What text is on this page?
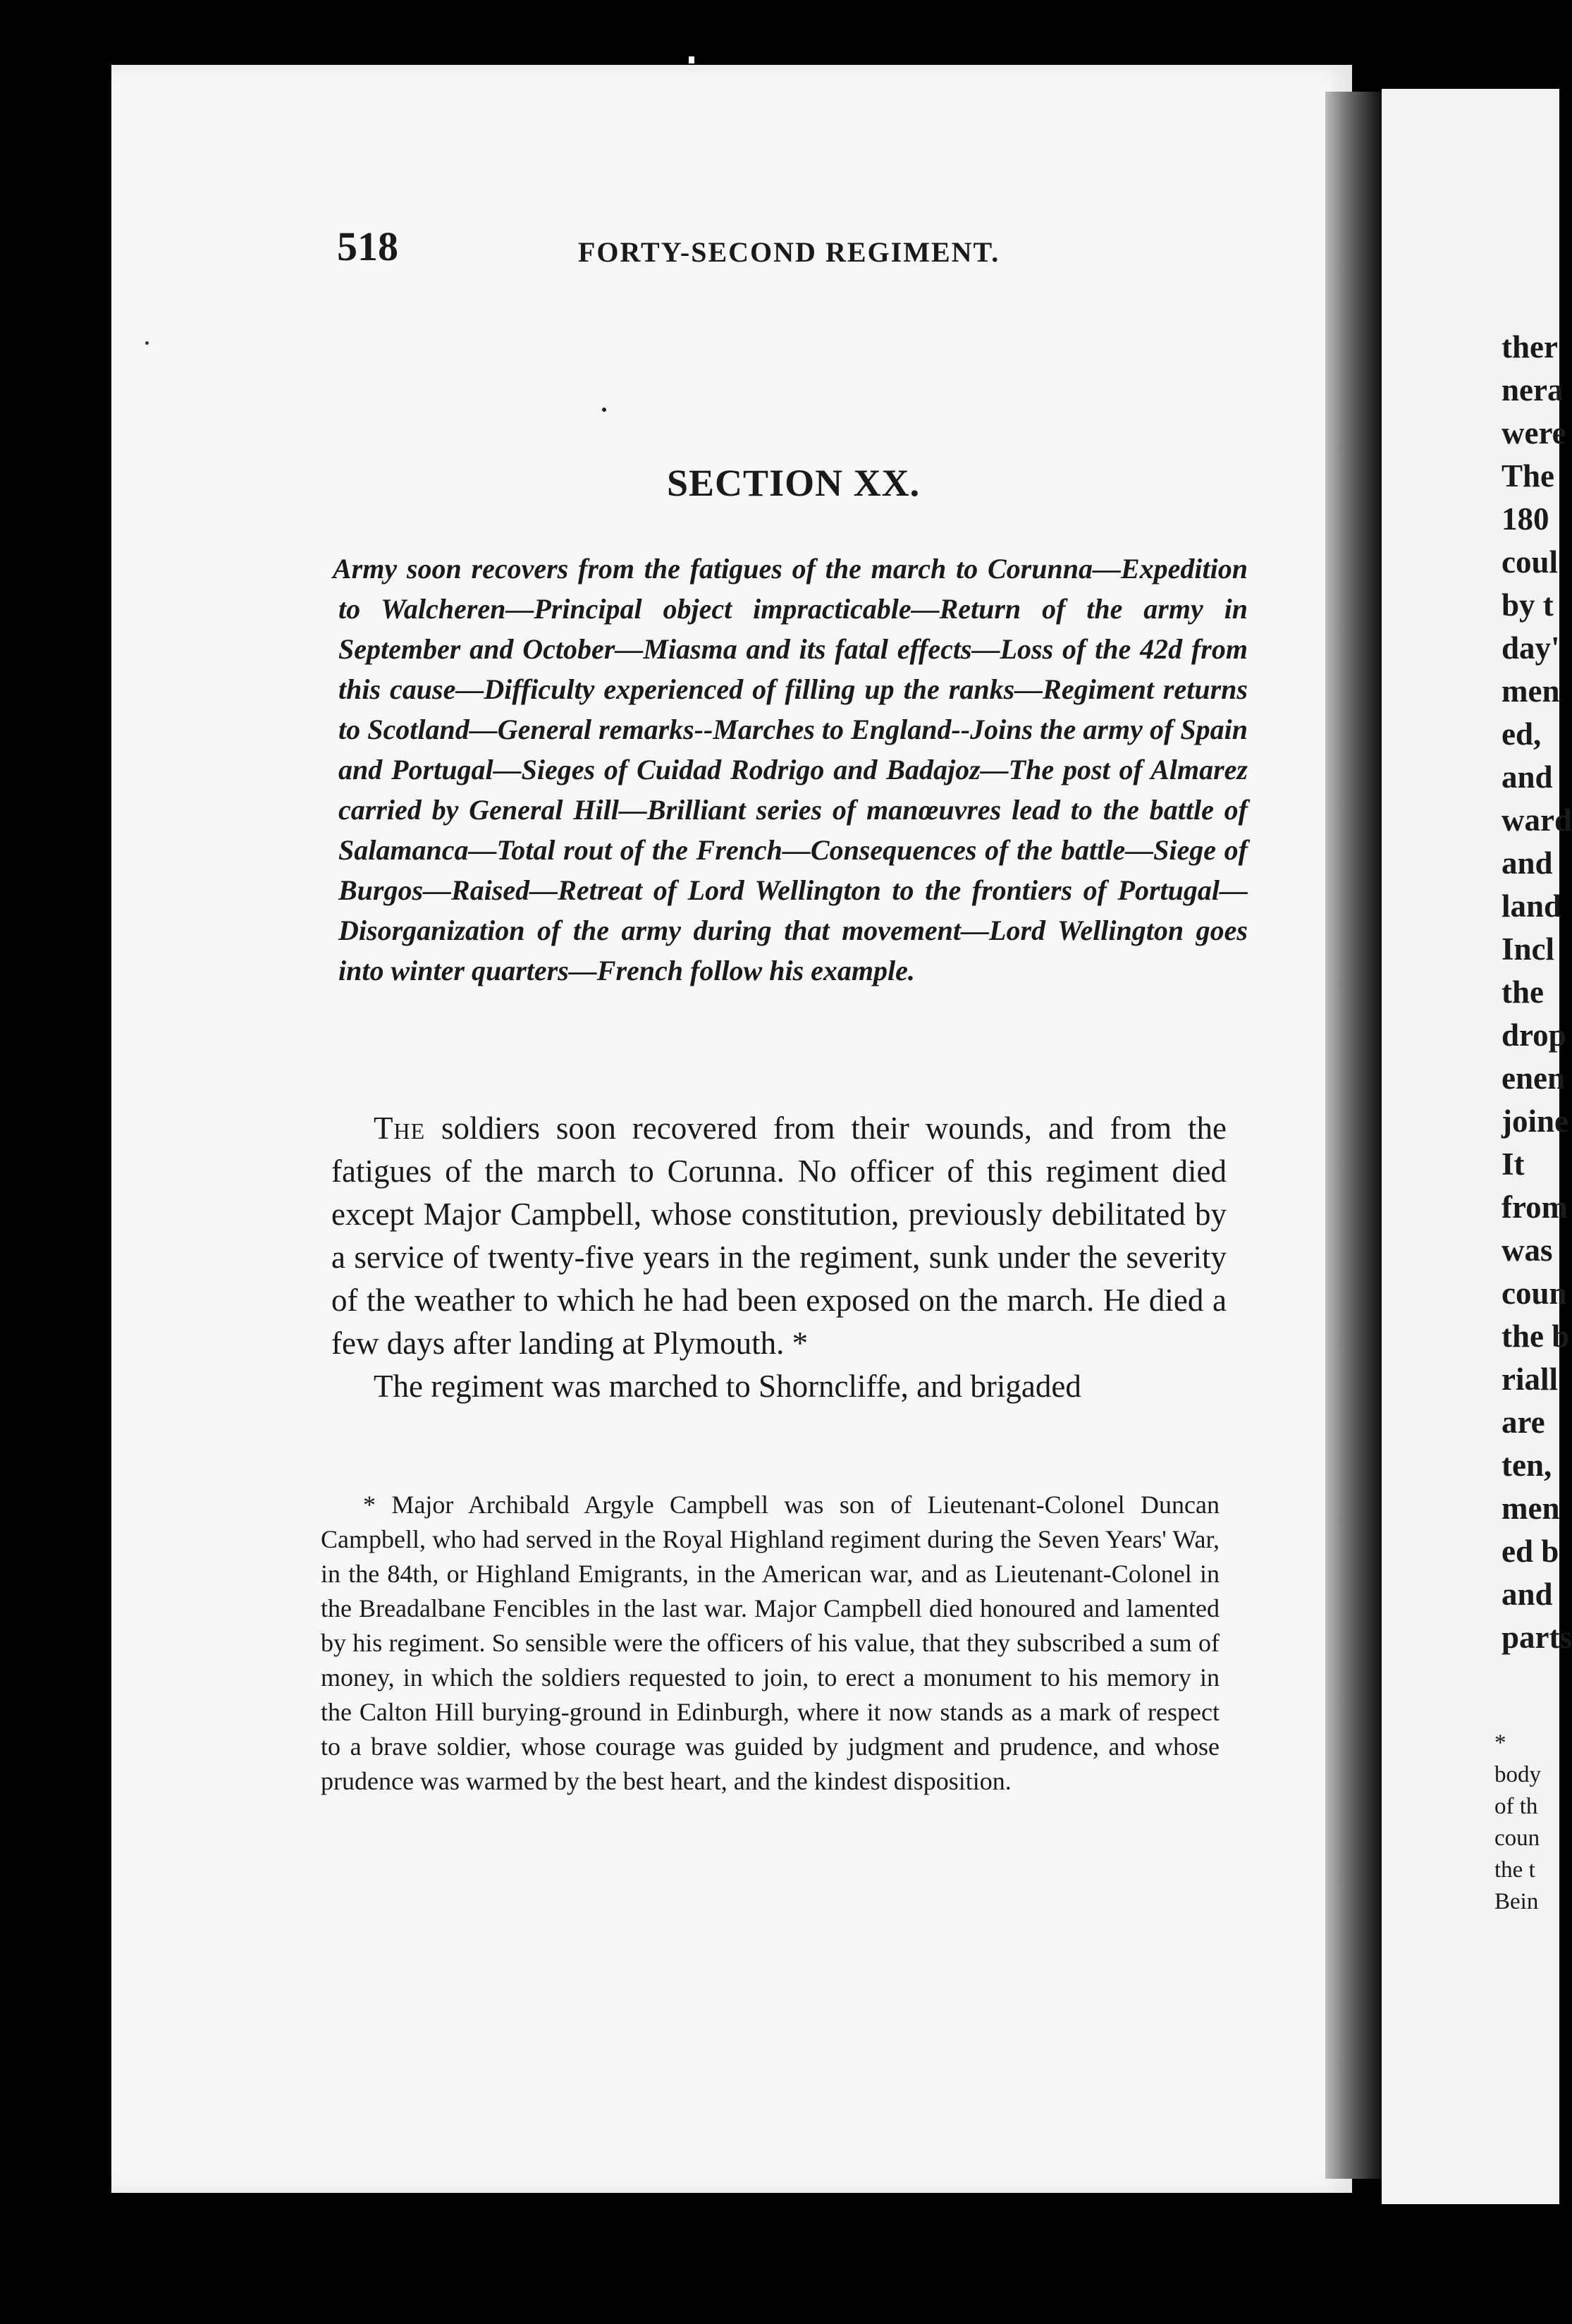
518	FORTY-SECOND REGIMENT.
SECTION XX.
Army soon recovers from the fatigues of the march to Corunna—Expedition to Walcheren—Principal object impracticable—Return of the army in September and October—Miasma and its fatal effects—Loss of the 42d from this cause—Difficulty experienced of filling up the ranks—Regiment returns to Scotland—General remarks--Marches to England--Joins the army of Spain and Portugal—Sieges of Cuidad Rodrigo and Badajoz—The post of Almarez carried by General Hill—Brilliant series of manœuvres lead to the battle of Salamanca—Total rout of the French—Consequences of the battle—Siege of Burgos—Raised—Retreat of Lord Wellington to the frontiers of Portugal—Disorganization of the army during that movement—Lord Wellington goes into winter quarters—French follow his example.

The soldiers soon recovered from their wounds, and from the fatigues of the march to Corunna. No officer of this regiment died except Major Campbell, whose constitution, previously debilitated by a service of twenty-five years in the regiment, sunk under the severity of the weather to which he had been exposed on the march. He died a few days after landing at Plymouth. *

The regiment was marched to Shorncliffe, and brigaded

* Major Archibald Argyle Campbell was son of Lieutenant-Colonel Duncan Campbell, who had served in the Royal Highland regiment during the Seven Years' War, in the 84th, or Highland Emigrants, in the American war, and as Lieutenant-Colonel in the Breadalbane Fencibles in the last war. Major Campbell died honoured and lamented by his regiment. So sensible were the officers of his value, that they subscribed a sum of money, in which the soldiers requested to join, to erect a monument to his memory in the Calton Hill burying-ground in Edinburgh, where it now stands as a mark of respect to a brave soldier, whose courage was guided by judgment and prudence, and whose prudence was warmed by the best heart, and the kindest disposition.
ther
nera
were
The
180
coul
by t
day'
men
ed,
and
ward
and
land
Incl
the
drop
enen
joine
It
from
was
coun
the b
riall
are
ten,
men
ed b
and
parts
*
body
of th
coun
the t
Bein
